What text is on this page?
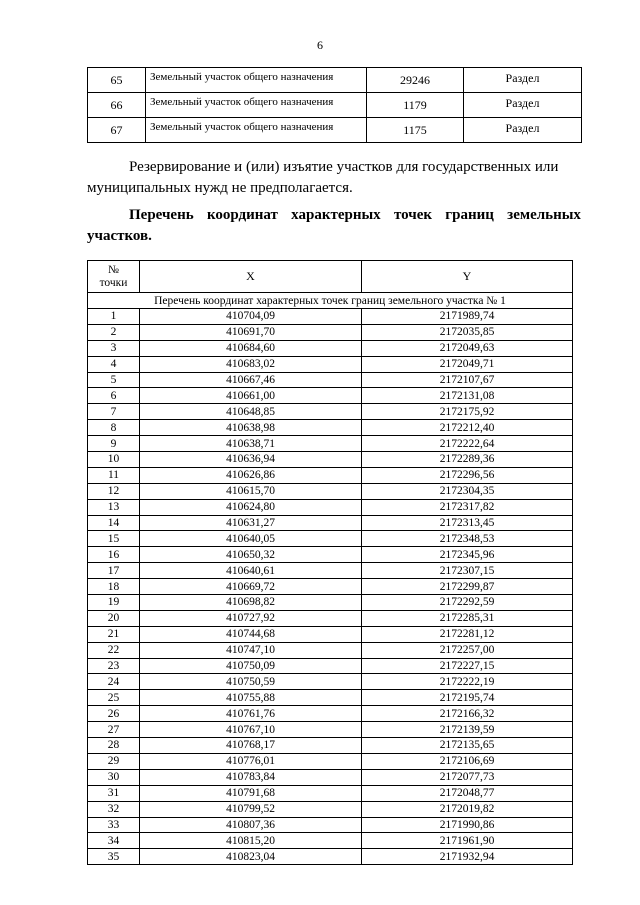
6
65	Земельный участок общего назначения	29246	Раздел
66	Земельный участок общего назначения	1179	Раздел
67	Земельный участок общего назначения	1175	Раздел
Резервирование и (или) изъятие участков для государственных или муниципальных нужд не предполагается.
Перечень координат характерных точек границ земельных
участков.
№
точки	X	Y
Перечень координат характерных точек границ земельного участка № 1		
1	410704,09	2171989,74
2	410691,70	2172035,85
3	410684,60	2172049,63
4	410683,02	2172049,71
5	410667,46	2172107,67
6	410661,00	2172131,08
7	410648,85	2172175,92
8	410638,98	2172212,40
9	410638,71	2172222,64
10	410636,94	2172289,36
11	410626,86	2172296,56
12	410615,70	2172304,35
13	410624,80	2172317,82
14	410631,27	2172313,45
15	410640,05	2172348,53
16	410650,32	2172345,96
17	410640,61	2172307,15
18	410669,72	2172299,87
19	410698,82	2172292,59
20	410727,92	2172285,31
21	410744,68	2172281,12
22	410747,10	2172257,00
23	410750,09	2172227,15
24	410750,59	2172222,19
25	410755,88	2172195,74
26	410761,76	2172166,32
27	410767,10	2172139,59
28	410768,17	2172135,65
29	410776,01	2172106,69
30	410783,84	2172077,73
31	410791,68	2172048,77
32	410799,52	2172019,82
33	410807,36	2171990,86
34	410815,20	2171961,90
35	410823,04	2171932,94
